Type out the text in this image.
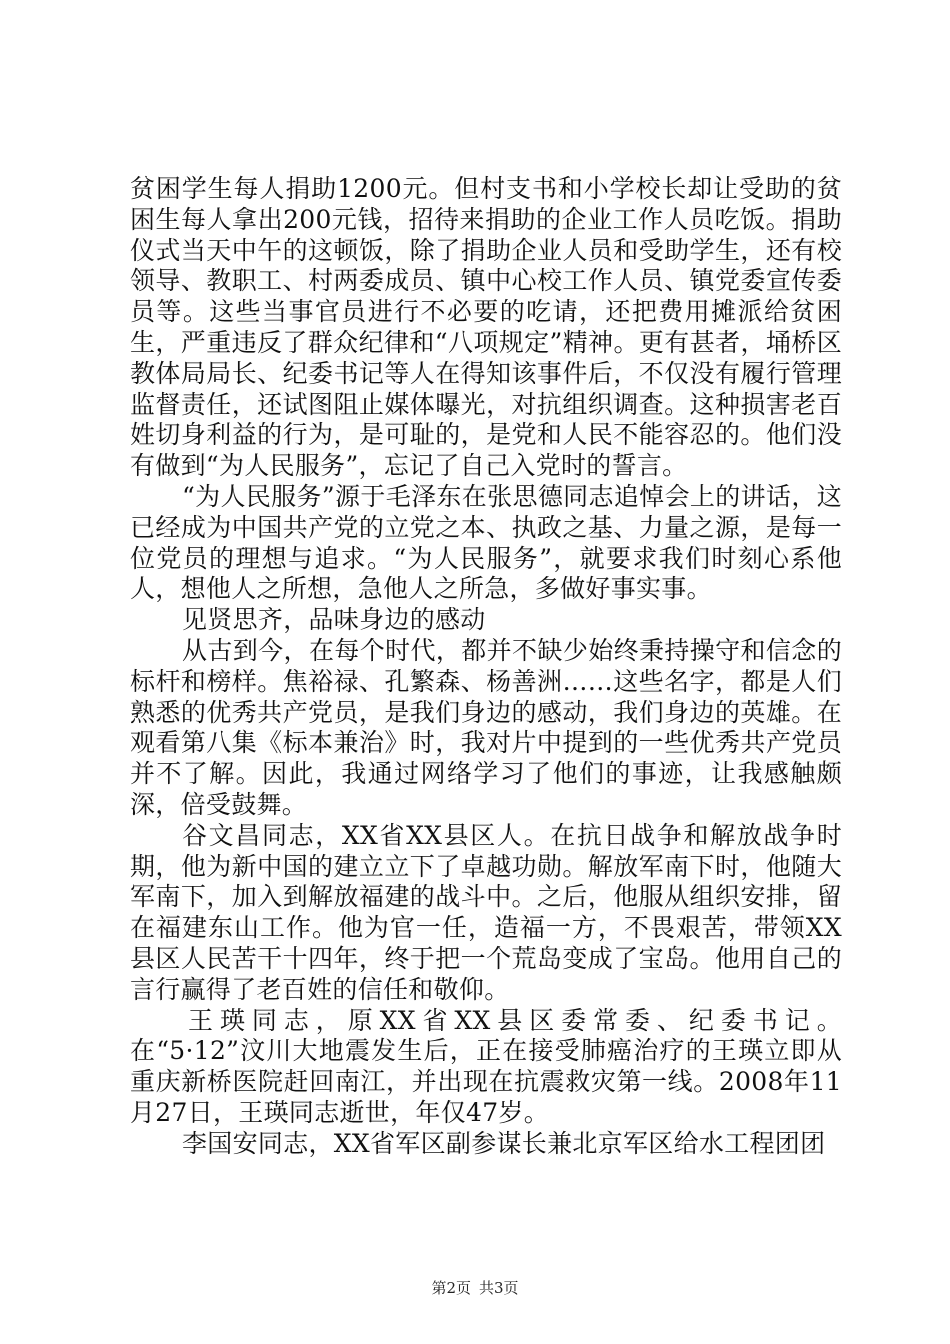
贫困学生每人捐助1200元。但村支书和小学校长却让受助的贫困生每人拿出200元钱，招待来捐助的企业工作人员吃饭。捐助仪式当天中午的这顿饭，除了捐助企业人员和受助学生，还有校领导、教职工、村两委成员、镇中心校工作人员、镇党委宣传委员等。这些当事官员进行不必要的吃请，还把费用摊派给贫困生，严重违反了群众纪律和“八项规定”精神。更有甚者，埇桥区教体局局长、纪委书记等人在得知该事件后，不仅没有履行管理监督责任，还试图阻止媒体曝光，对抗组织调查。这种损害老百姓切身利益的行为，是可耻的，是党和人民不能容忍的。他们没有做到“为人民服务”，忘记了自己入党时的誓言。

“为人民服务”源于毛泽东在张思德同志追悼会上的讲话，这已经成为中国共产党的立党之本、执政之基、力量之源，是每一位党员的理想与追求。“为人民服务”，就要求我们时刻心系他人，想他人之所想，急他人之所急，多做好事实事。

见贤思齐，品味身边的感动

从古到今，在每个时代，都并不缺少始终秉持操守和信念的标杆和榜样。焦裕禄、孔繁森、杨善洲……这些名字，都是人们熟悉的优秀共产党员，是我们身边的感动，我们身边的英雄。在观看第八集《标本兼治》时，我对片中提到的一些优秀共产党员并不了解。因此，我通过网络学习了他们的事迹，让我感触颇深，倍受鼓舞。

谷文昌同志，XX省XX县区人。在抗日战争和解放战争时期，他为新中国的建立立下了卓越功勋。解放军南下时，他随大军南下，加入到解放福建的战斗中。之后，他服从组织安排，留在福建东山工作。他为官一任，造福一方，不畏艰苦，带领XX县区人民苦干十四年，终于把一个荒岛变成了宝岛。他用自己的言行赢得了老百姓的信任和敬仰。

王瑛同志，原XX省XX县区委常委、纪委书记。在“5·12”汶川大地震发生后，正在接受肺癌治疗的王瑛立即从重庆新桥医院赶回南江，并出现在抗震救灾第一线。2008年11月27日，王瑛同志逝世，年仅47岁。

李国安同志，XX省军区副参谋长兼北京军区给水工程团团

第2页 共3页
